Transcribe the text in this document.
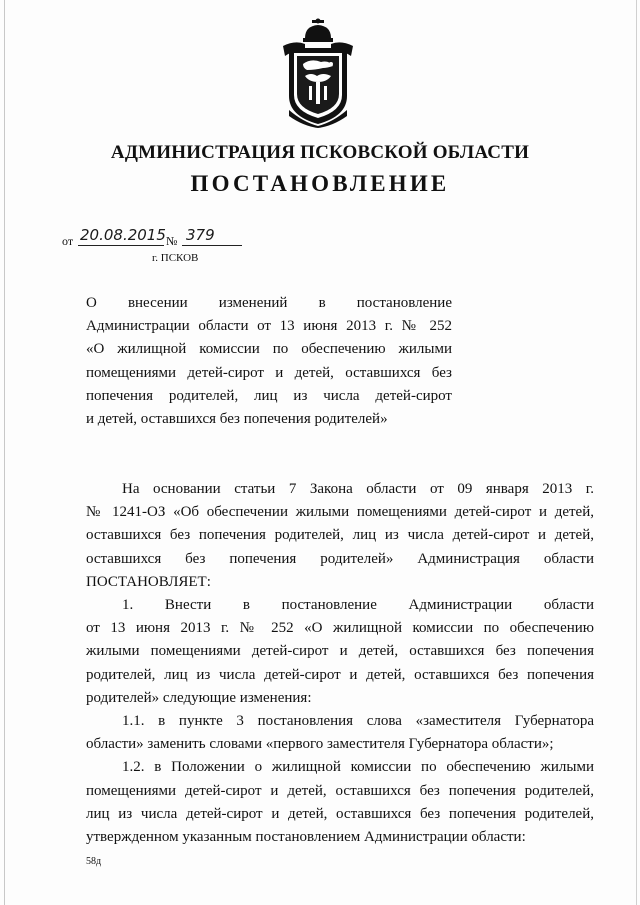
АДМИНИСТРАЦИЯ ПСКОВСКОЙ ОБЛАСТИ
ПОСТАНОВЛЕНИЕ
от 20.08.2015 № 379
г. ПСКОВ

О внесении изменений в постановление

Администрации области от 13 июня 2013 г. № 252

«О жилищной комиссии по обеспечению жилыми

помещениями детей-сирот и детей, оставшихся без

попечения родителей, лиц из числа детей-сирот

и детей, оставшихся без попечения родителей»

На основании статьи 7 Закона области от 09 января 2013 г.
№ 1241-ОЗ «Об обеспечении жилыми помещениями детей-сирот и детей,
оставшихся без попечения родителей, лиц из числа детей-сирот и детей,
оставшихся без попечения родителей» Администрация области
ПОСТАНОВЛЯЕТ:
1. Внести в постановление Администрации области
от 13 июня 2013 г. № 252 «О жилищной комиссии по обеспечению
жилыми помещениями детей-сирот и детей, оставшихся без попечения
родителей, лиц из числа детей-сирот и детей, оставшихся без попечения
родителей» следующие изменения:
1.1. в пункте 3 постановления слова «заместителя Губернатора
области» заменить словами «первого заместителя Губернатора области»;
1.2. в Положении о жилищной комиссии по обеспечению жилыми
помещениями детей-сирот и детей, оставшихся без попечения родителей,
лиц из числа детей-сирот и детей, оставшихся без попечения родителей,
утвержденном указанным постановлением Администрации области:
58д
